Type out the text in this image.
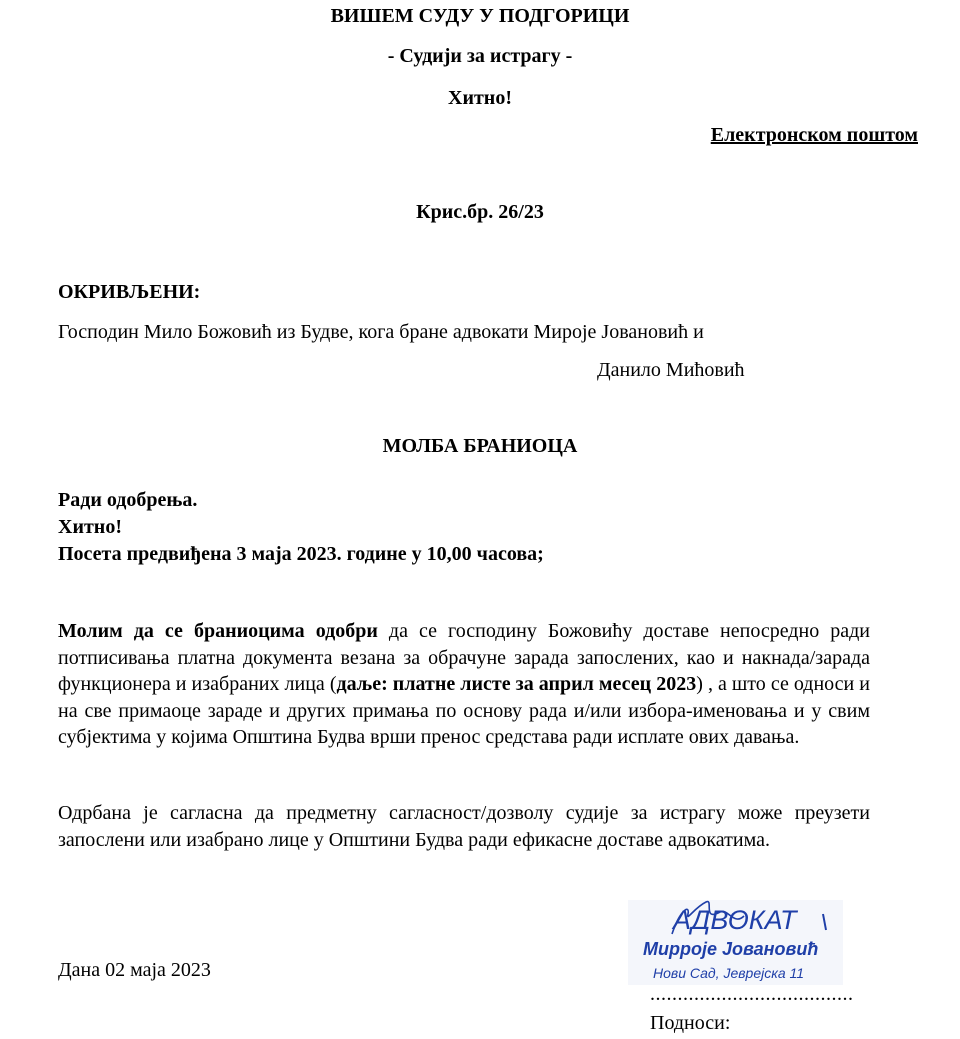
ВИШЕМ СУДУ У ПОДГОРИЦИ
- Судији за истрагу -
Хитно!
Електронском поштом
Крис.бр. 26/23
ОКРИВЉЕНИ:
Господин Мило Божовић из Будве, кога бране адвокати Мироје Јовановић и
Данило Мићовић
МОЛБА БРАНИОЦА
Ради одобрења.
Хитно!
Посета предвиђена 3 маја 2023. године у 10,00 часова;
Молим да се браниоцима одобри да се господину Божовићу доставе непосредно ради потписивања платна документа везана за обрачуне зарада запослених, као и накнада/зарада функционера и изабраних лица (даље: платне листе за април месец 2023) , а што се односи и на све примаоце зараде и других примања по основу рада и/или избора-именовања и у свим субјектима у којима Општина Будва врши пренос средстава ради исплате ових давања.
Одрбана је сагласна да предметну сагласност/дозволу судије за истрагу може преузети запослени или изабрано лице у Општини Будва ради ефикасне доставе адвокатима.
АДВОКАТ
Мирроје Јовановић
Нови Сад, Јеврејска 11
Дана 02 маја 2023
.....................................
Подноси:
